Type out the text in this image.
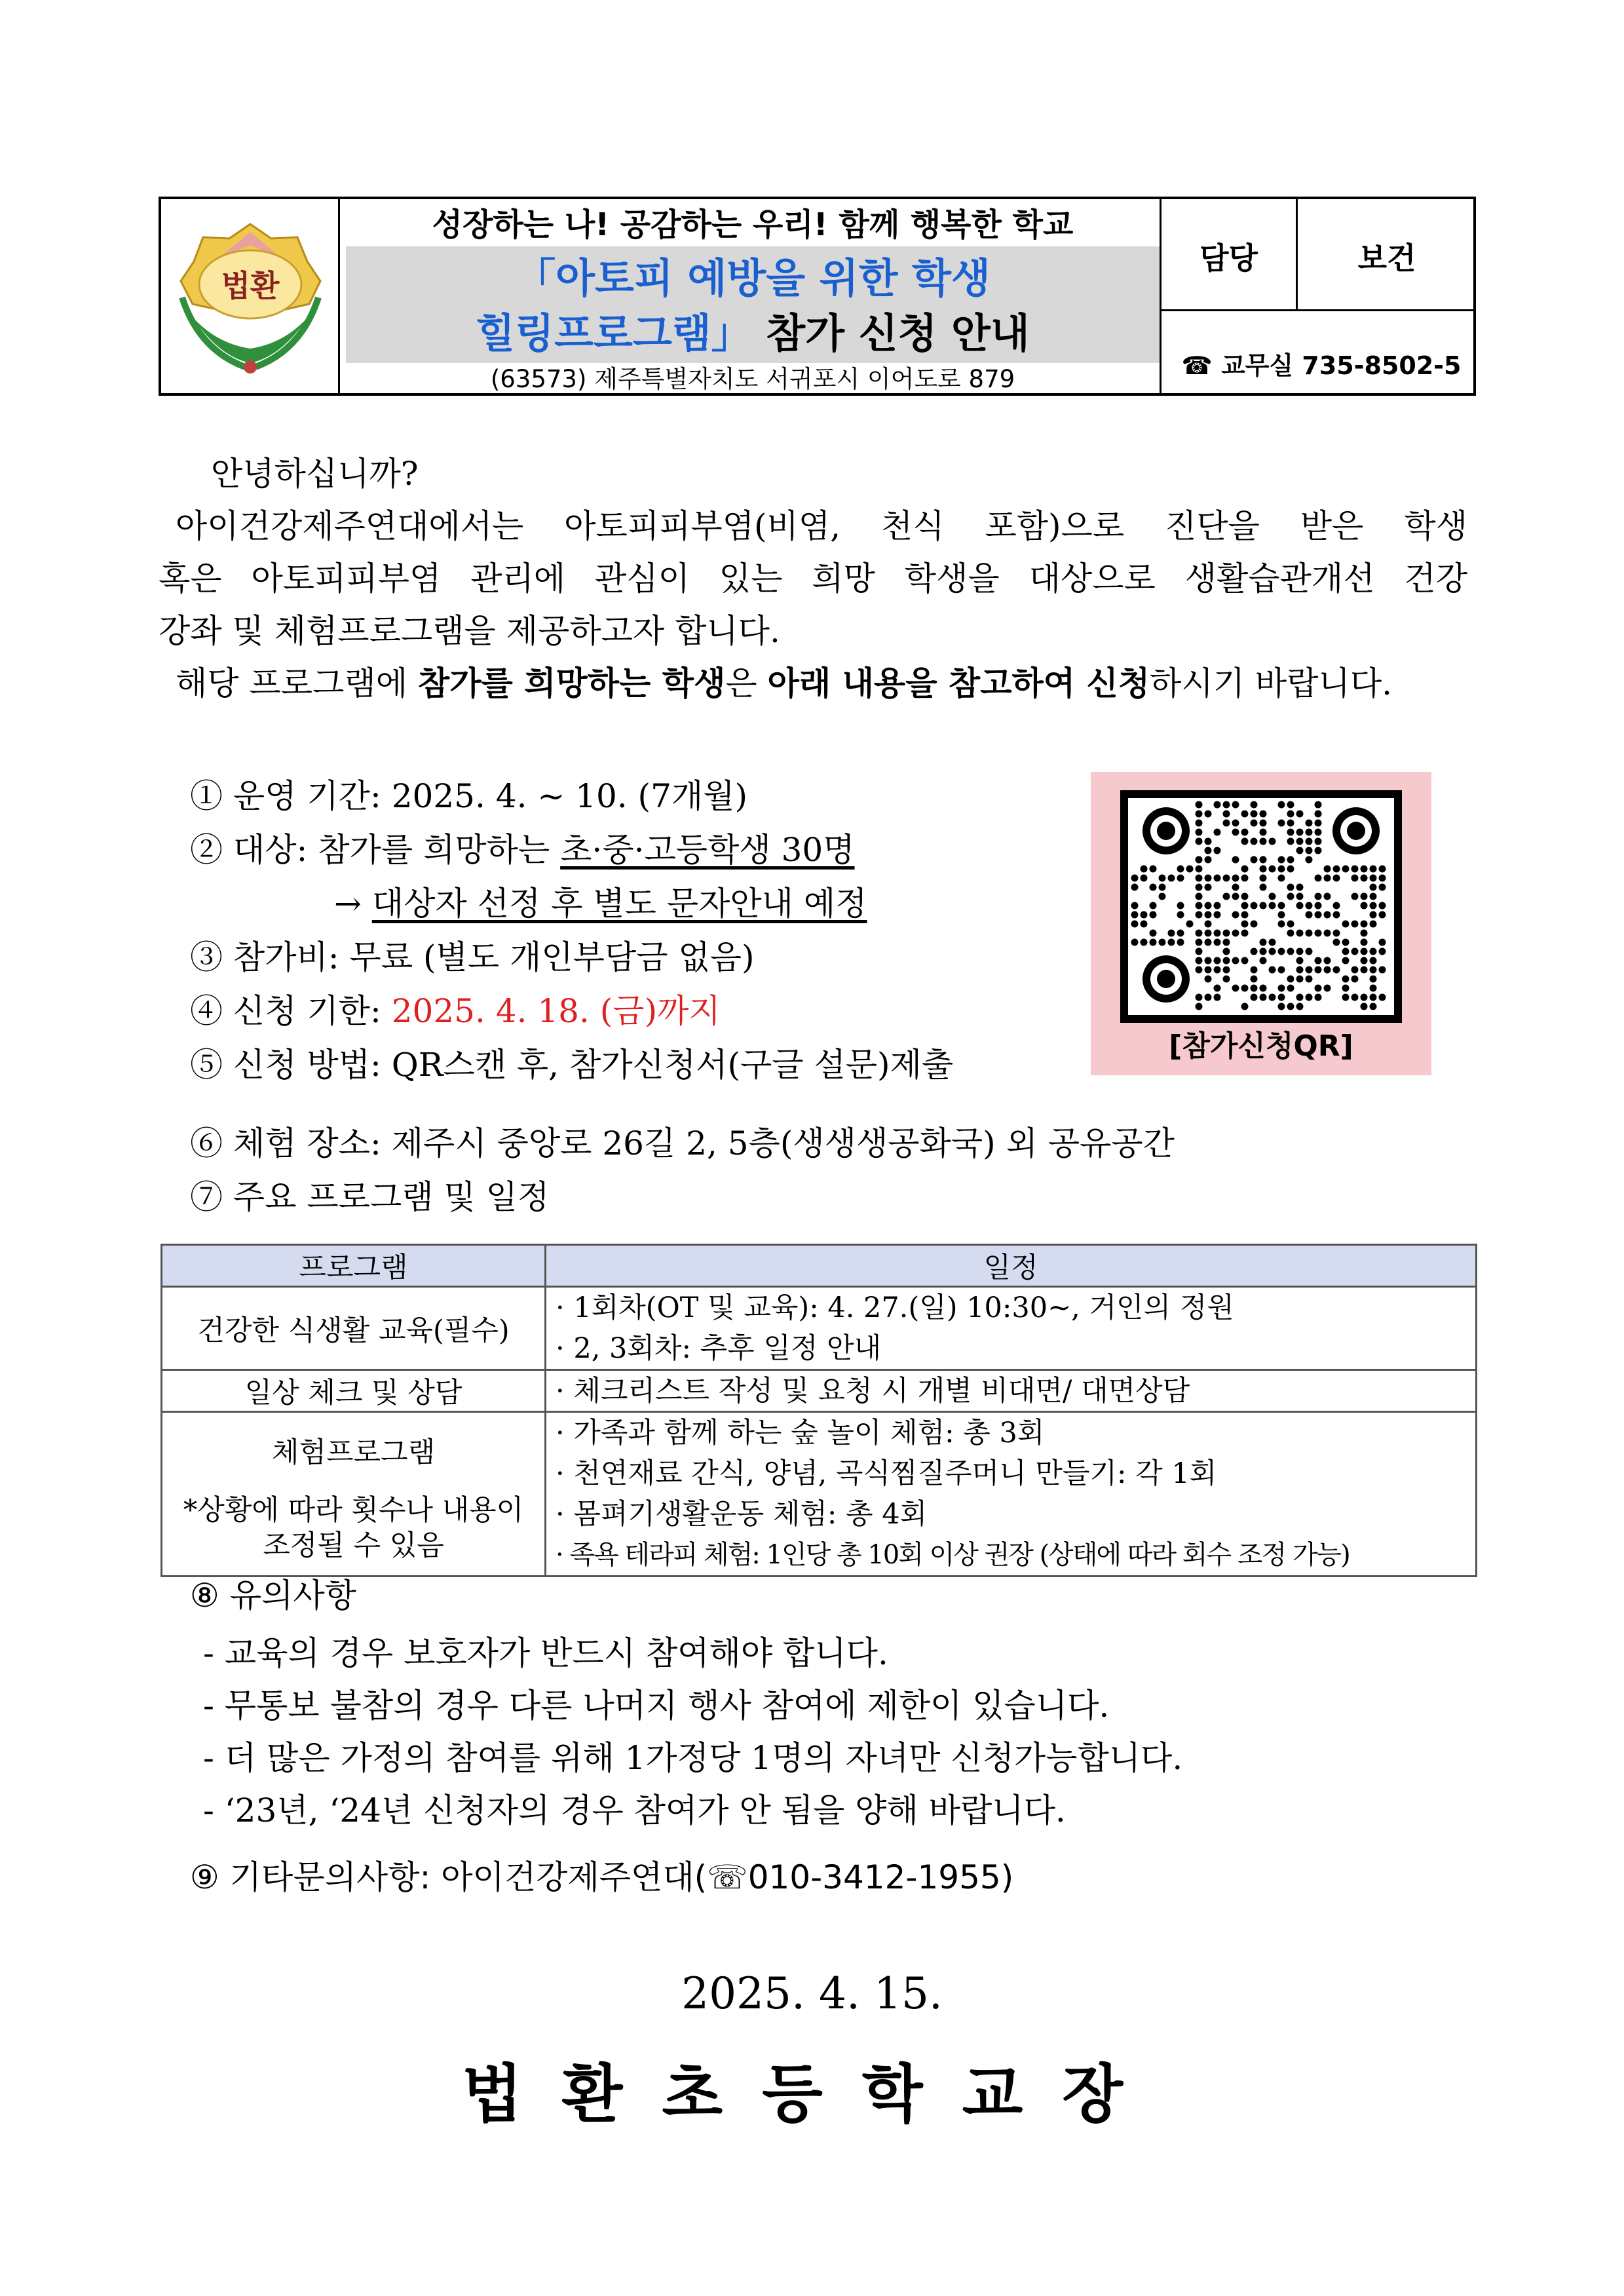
법환
성장하는 나! 공감하는 우리! 함께 행복한 학교
「아토피 예방을 위한 학생
힐링프로그램」 참가 신청 안내
(63573) 제주특별자치도 서귀포시 이어도로 879
담당	보건
☎ 교무실 735-8502-5
안녕하십니까?
아이건강제주연대에서는 아토피피부염(비염, 천식 포함)으로 진단을 받은 학생
혹은 아토피피부염 관리에 관심이 있는 희망 학생을 대상으로 생활습관개선 건강
강좌 및 체험프로그램을 제공하고자 합니다.
해당 프로그램에 참가를 희망하는 학생은 아래 내용을 참고하여 신청하시기 바랍니다.
① 운영 기간: 2025. 4. ~ 10. (7개월)
② 대상: 참가를 희망하는 초·중·고등학생 30명
→ 대상자 선정 후 별도 문자안내 예정
③ 참가비: 무료 (별도 개인부담금 없음)
④ 신청 기한: 2025. 4. 18. (금)까지
⑤ 신청 방법: QR스캔 후, 참가신청서(구글 설문)제출	[참가신청QR]
⑥ 체험 장소: 제주시 중앙로 26길 2, 5층(생생생공화국) 외 공유공간
⑦ 주요 프로그램 및 일정
프로그램	일정
건강한 식생활 교육(필수)	· 1회차(OT 및 교육): 4. 27.(일) 10:30~, 거인의 정원
· 2, 3회차: 추후 일정 안내

일상 체크 및 상담	· 체크리스트 작성 및 요청 시 개별 비대면/ 대면상담

체험프로그램
*상황에 따라 횟수나 내용이
조정될 수 있음	· 가족과 함께 하는 숲 놀이 체험: 총 3회
· 천연재료 간식, 양념, 곡식찜질주머니 만들기: 각 1회
· 몸펴기생활운동 체험: 총 4회
· 족욕 테라피 체험: 1인당 총 10회 이상 권장 (상태에 따라 회수 조정 가능)
⑧ 유의사항
- 교육의 경우 보호자가 반드시 참여해야 합니다.
- 무통보 불참의 경우 다른 나머지 행사 참여에 제한이 있습니다.
- 더 많은 가정의 참여를 위해 1가정당 1명의 자녀만 신청가능합니다.
- ‘23년, ‘24년 신청자의 경우 참여가 안 됨을 양해 바랍니다.
⑨ 기타문의사항: 아이건강제주연대(☏010-3412-1955)
2025. 4. 15.
법환초등학교장
